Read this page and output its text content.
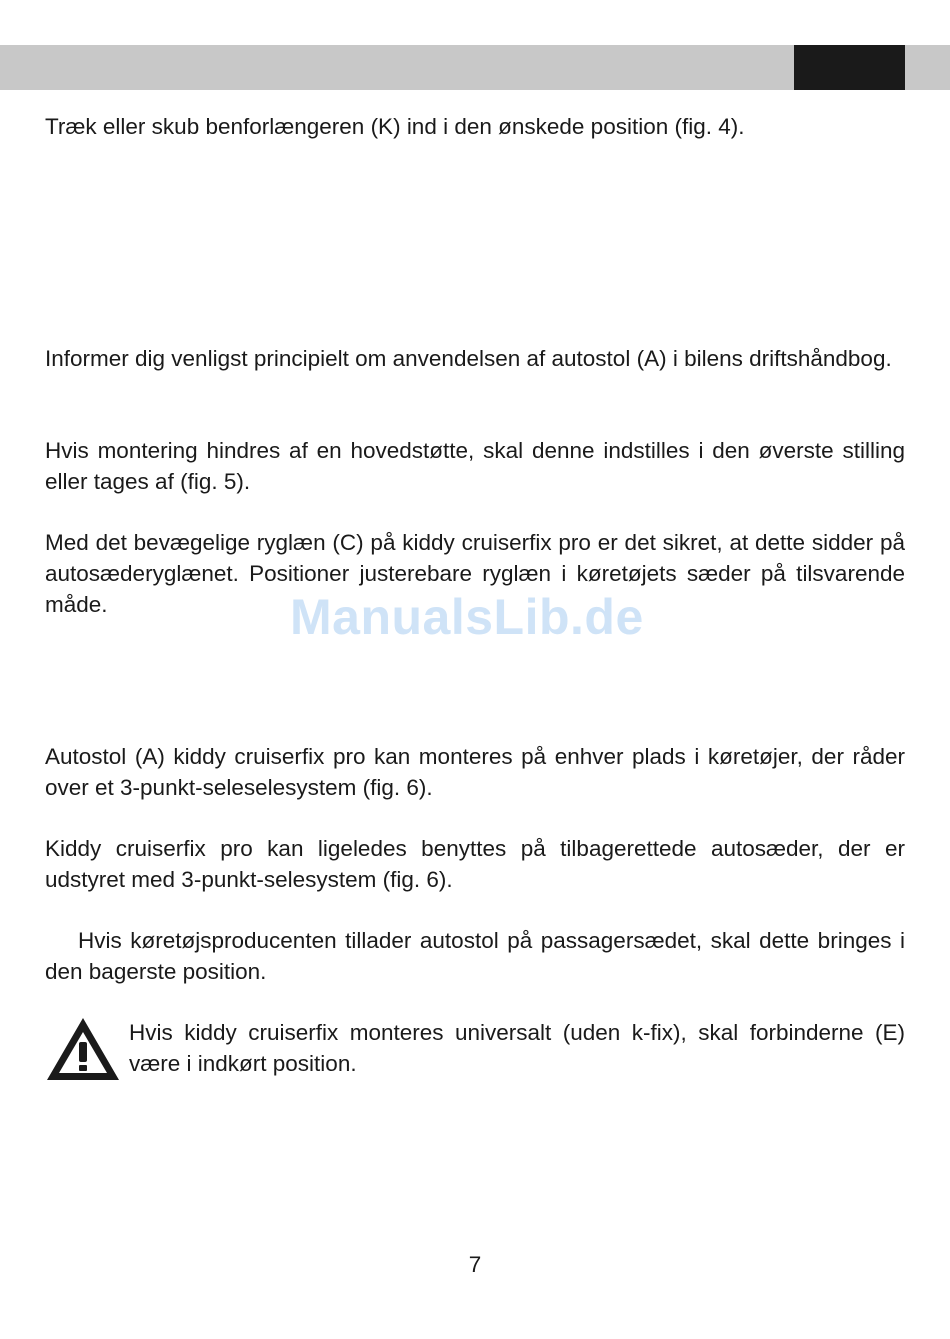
Træk eller skub benforlængeren (K) ind i den ønskede position (fig. 4).

Informer dig venligst principielt om anvendelsen af autostol (A) i bilens driftshåndbog.

Hvis montering hindres af en hovedstøtte, skal denne indstilles i den øverste stilling eller tages af (fig. 5).

Med det bevægelige ryglæn (C) på kiddy cruiserfix pro er det sikret, at dette sidder på autosæderyglænet. Positioner justerebare ryglæn i køretøjets sæder på tilsvarende måde.	ManualsLib.de

Autostol (A) kiddy cruiserfix pro kan monteres på enhver plads i køretøjer, der råder over et 3-punkt-seleselesystem (fig. 6).

Kiddy cruiserfix pro kan ligeledes benyttes på tilbagerettede autosæder, der er udstyret med 3-punkt-selesystem (fig. 6).

Hvis køretøjsproducenten tillader autostol på passagersædet, skal dette bringes i den bagerste position.

Hvis kiddy cruiserfix monteres universalt (uden k-fix), skal forbinderne (E) være i indkørt position.

7
